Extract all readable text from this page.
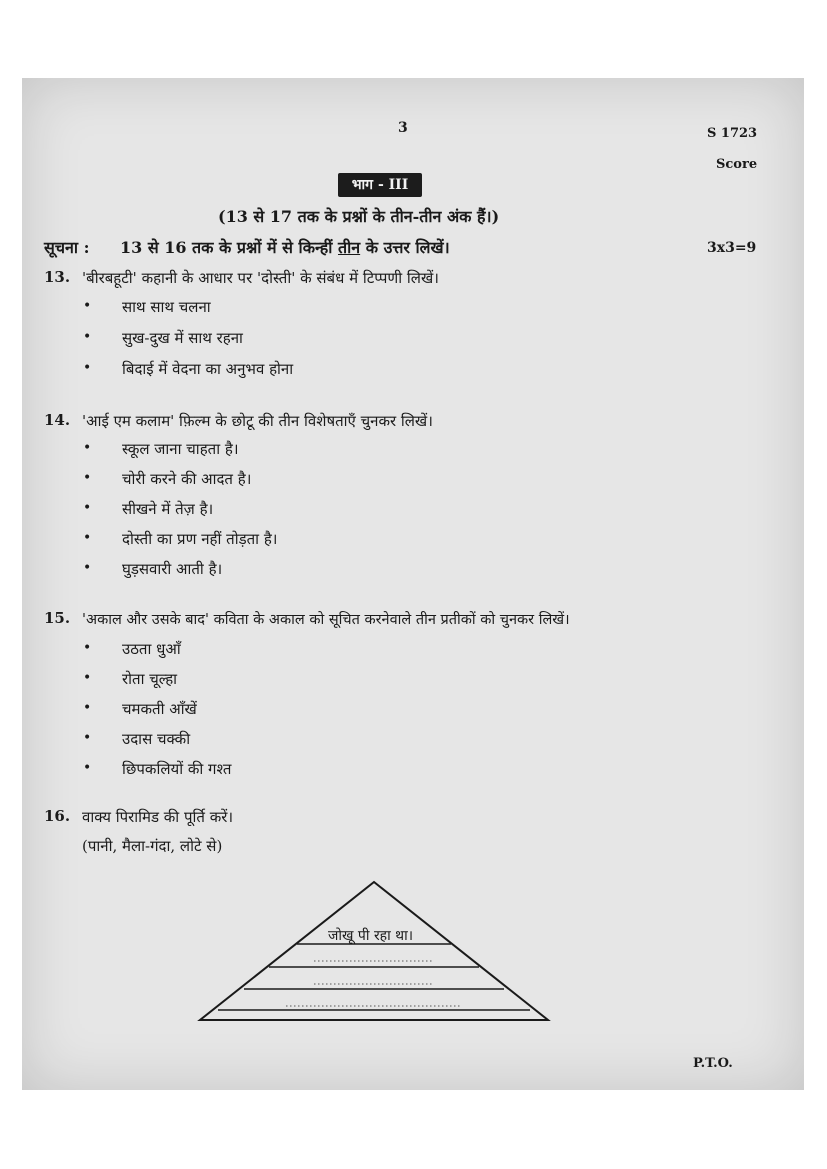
3	S 1723
Score
भाग - III
(13 से 17 तक के प्रश्नों के तीन-तीन अंक हैं।)
सूचना : 13 से 16 तक के प्रश्नों में से किन्हीं तीन के उत्तर लिखें।	3x3=9
13. 'बीरबहूटी' कहानी के आधार पर 'दोस्ती' के संबंध में टिप्पणी लिखें।
• साथ साथ चलना
• सुख-दुख में साथ रहना
• बिदाई में वेदना का अनुभव होना
14. 'आई एम कलाम' फ़िल्म के छोटू की तीन विशेषताएँ चुनकर लिखें।
• स्कूल जाना चाहता है।
• चोरी करने की आदत है।
• सीखने में तेज़ है।
• दोस्ती का प्रण नहीं तोड़ता है।
• घुड़सवारी आती है।
15. 'अकाल और उसके बाद' कविता के अकाल को सूचित करनेवाले तीन प्रतीकों को चुनकर लिखें।
• उठता धुआँ
• रोता चूल्हा
• चमकती आँखें
• उदास चक्की
• छिपकलियों की गश्त
16. वाक्य पिरामिड की पूर्ति करें।
(पानी, मैला-गंदा, लोटे से)
जोखू पी रहा था।
P.T.O.
